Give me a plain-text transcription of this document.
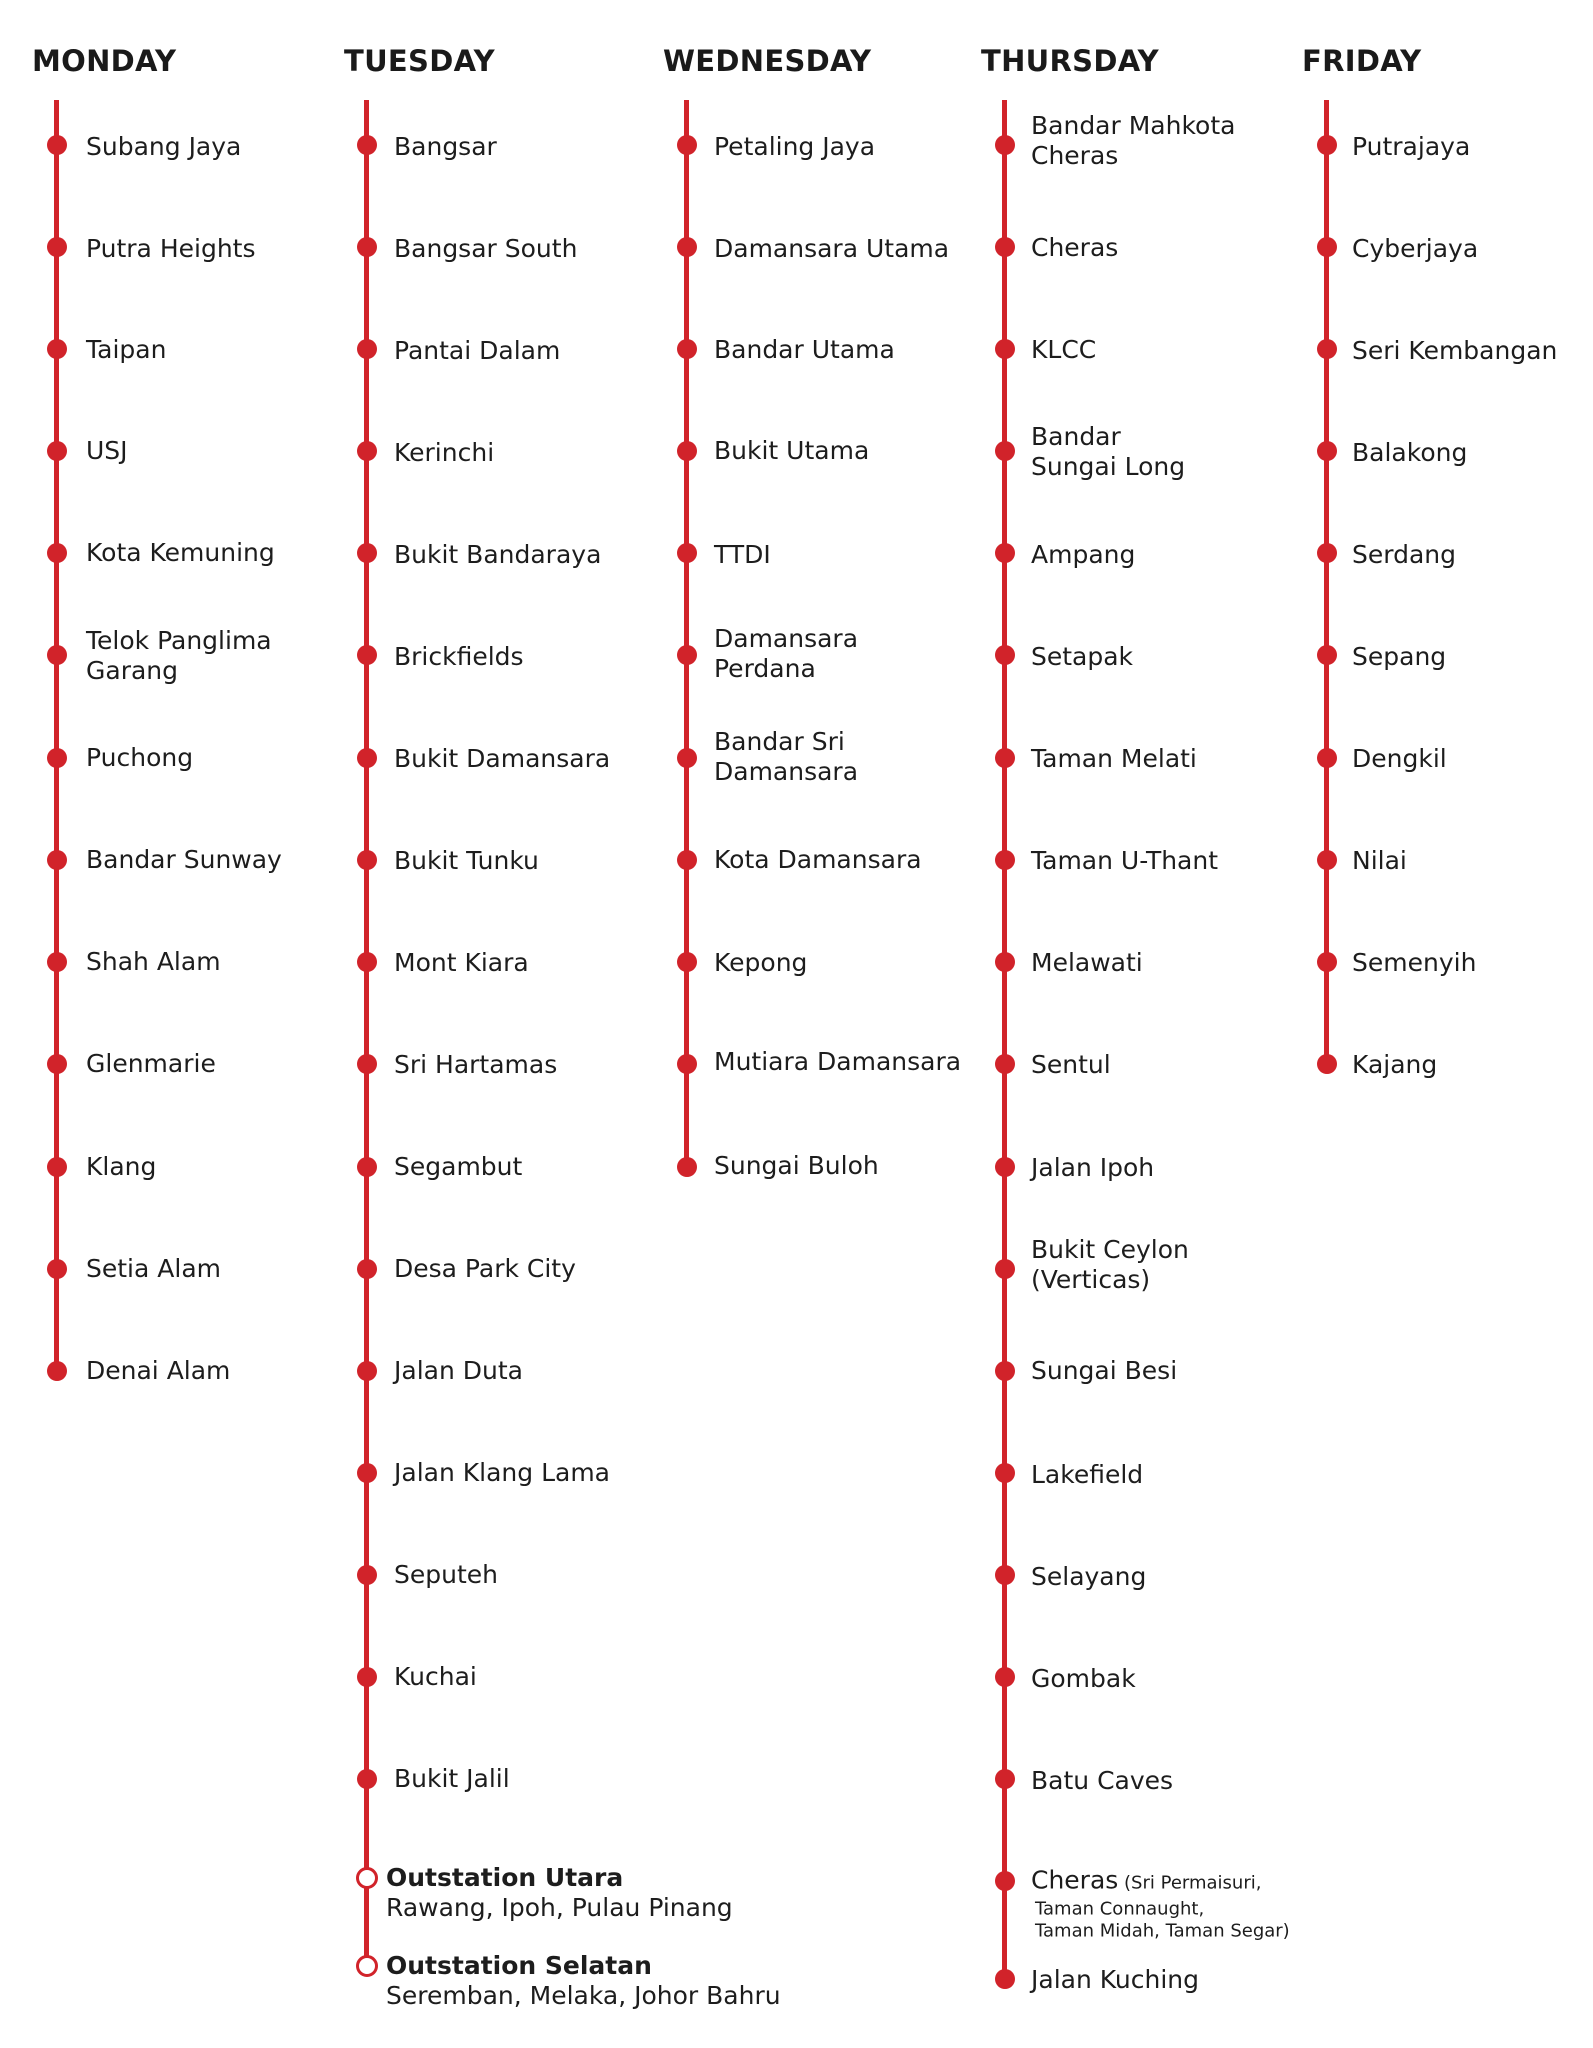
MONDAY
Subang Jaya
Putra Heights
Taipan
USJ
Kota Kemuning
Telok Panglima
Garang
Puchong
Bandar Sunway
Shah Alam
Glenmarie
Klang
Setia Alam
Denai Alam
TUESDAY
Bangsar
Bangsar South
Pantai Dalam
Kerinchi
Bukit Bandaraya
Brickfields
Bukit Damansara
Bukit Tunku
Mont Kiara
Sri Hartamas
Segambut
Desa Park City
Jalan Duta
Jalan Klang Lama
Seputeh
Kuchai
Bukit Jalil
Outstation Utara
Rawang, Ipoh, Pulau Pinang
Outstation Selatan
Seremban, Melaka, Johor Bahru
WEDNESDAY
Petaling Jaya
Damansara Utama
Bandar Utama
Bukit Utama
TTDI
Damansara
Perdana
Bandar Sri
Damansara
Kota Damansara
Kepong
Mutiara Damansara
Sungai Buloh
THURSDAY
Bandar Mahkota
Cheras
Cheras
KLCC
Bandar
Sungai Long
Ampang
Setapak
Taman Melati
Taman U-Thant
Melawati
Sentul
Jalan Ipoh
Bukit Ceylon
(Verticas)
Sungai Besi
Lakefield
Selayang
Gombak
Batu Caves
Cheras (Sri Permaisuri,
Taman Connaught,
Taman Midah, Taman Segar)
Jalan Kuching
FRIDAY
Putrajaya
Cyberjaya
Seri Kembangan
Balakong
Serdang
Sepang
Dengkil
Nilai
Semenyih
Kajang
